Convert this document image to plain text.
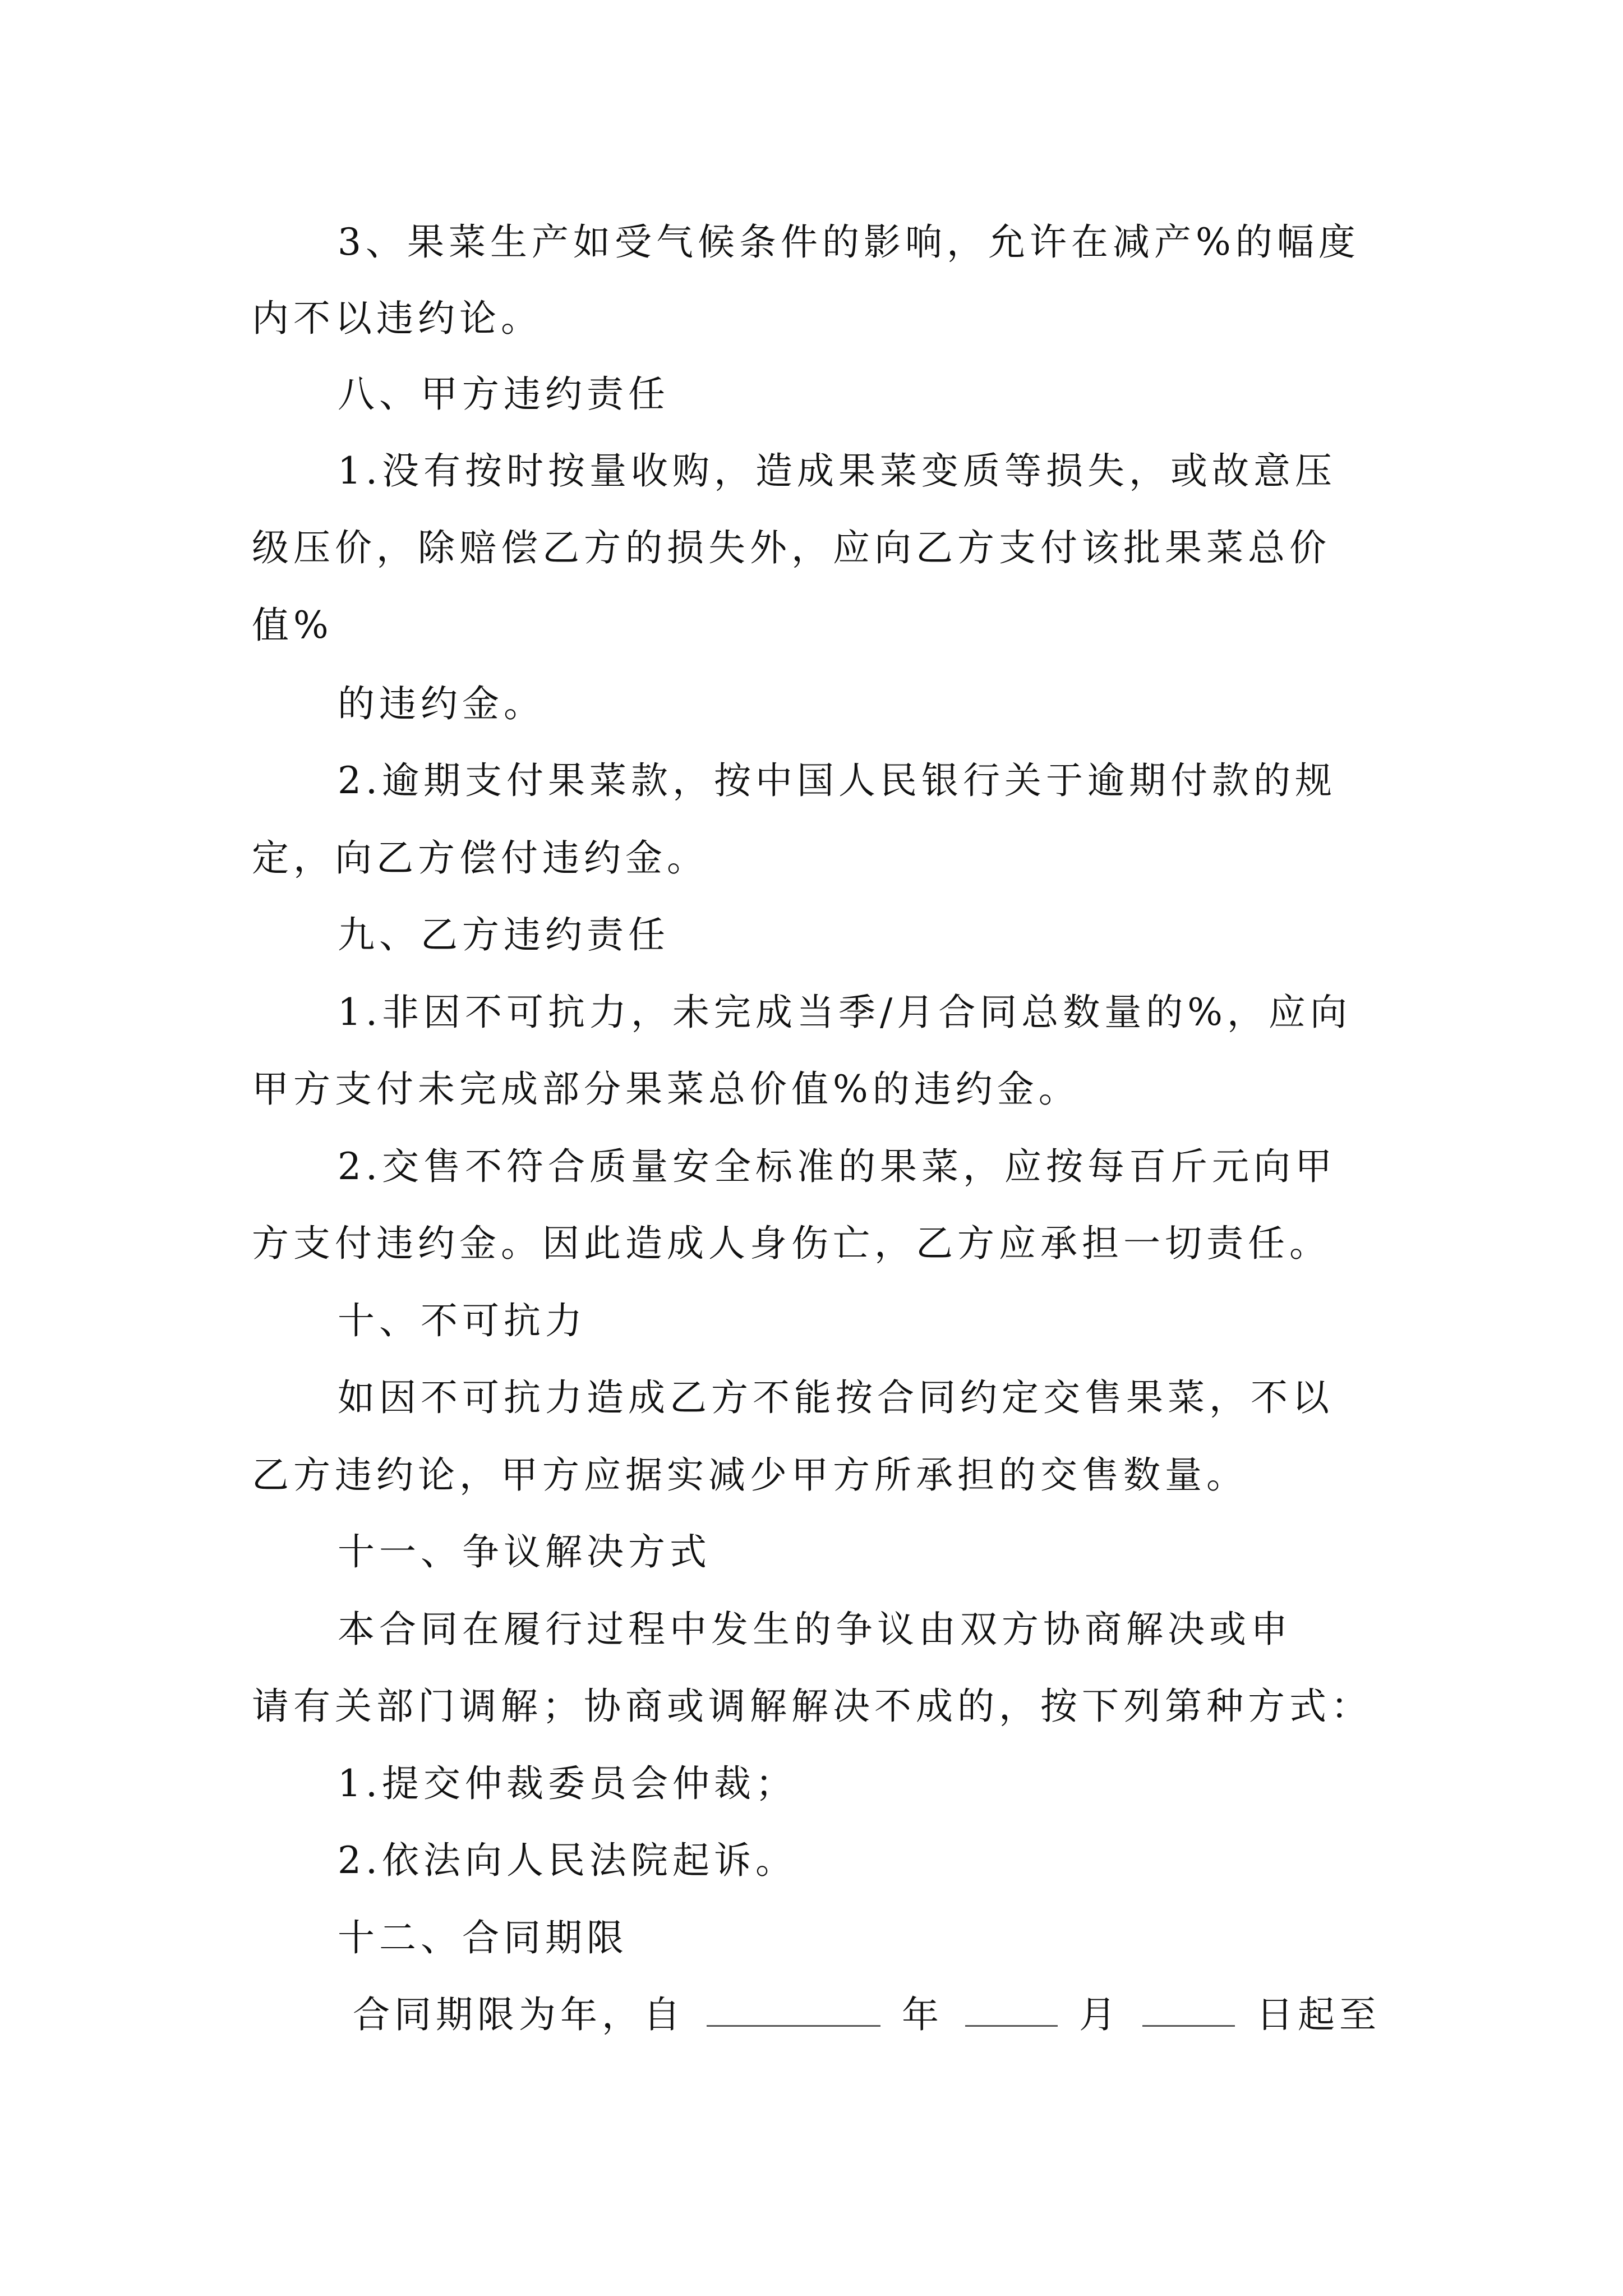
3、果菜生产如受气候条件的影响，允许在减产%的幅度
内不以违约论。
八、甲方违约责任
1.没有按时按量收购，造成果菜变质等损失，或故意压
级压价，除赔偿乙方的损失外，应向乙方支付该批果菜总价
值%
的违约金。
2.逾期支付果菜款，按中国人民银行关于逾期付款的规
定，向乙方偿付违约金。
九、乙方违约责任
1.非因不可抗力，未完成当季/月合同总数量的%，应向
甲方支付未完成部分果菜总价值%的违约金。
2.交售不符合质量安全标准的果菜，应按每百斤元向甲
方支付违约金。因此造成人身伤亡，乙方应承担一切责任。
十、不可抗力
如因不可抗力造成乙方不能按合同约定交售果菜，不以
乙方违约论，甲方应据实减少甲方所承担的交售数量。
十一、争议解决方式
本合同在履行过程中发生的争议由双方协商解决或申
请有关部门调解；协商或调解解决不成的，按下列第种方式：
1.提交仲裁委员会仲裁；
2.依法向人民法院起诉。
十二、合同期限
合同期限为年，自	年	月	日起至
